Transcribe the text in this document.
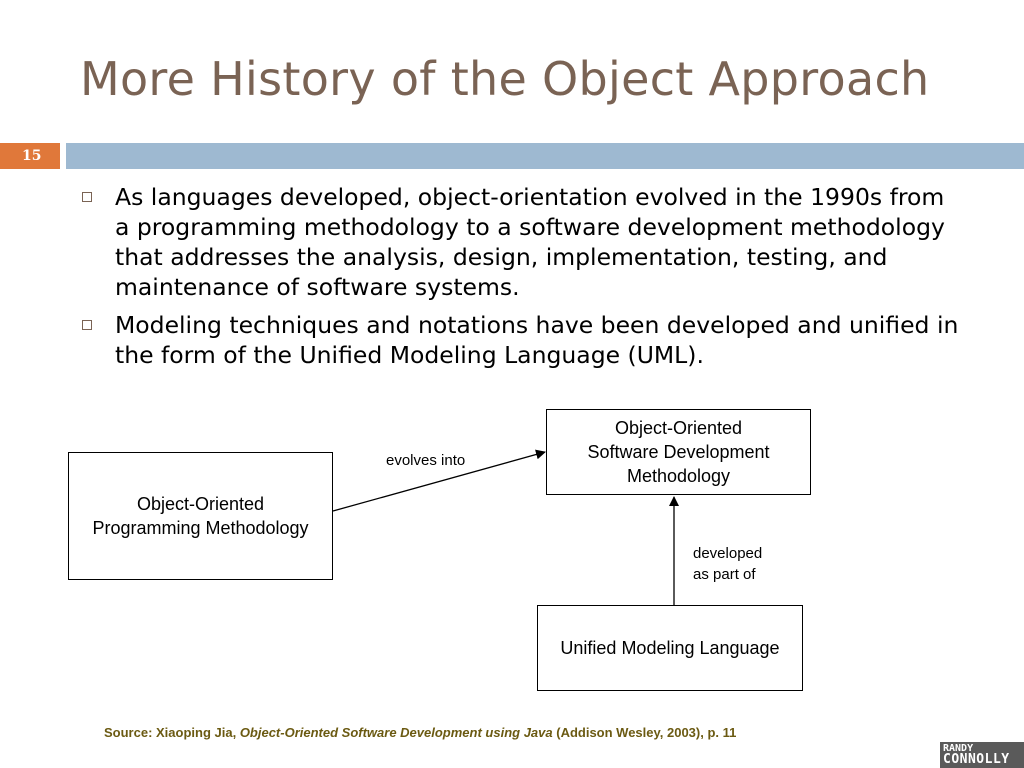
More History of the Object Approach
15
As languages developed, object-orientation evolved in the 1990s from a programming methodology to a software development methodology that addresses the analysis, design, implementation, testing, and maintenance of software systems.
Modeling techniques and notations have been developed and unified in the form of the Unified Modeling Language (UML).
Object-Oriented
Programming Methodology
Object-Oriented
Software Development
Methodology
Unified Modeling Language
evolves into
developed
as part of
Source: Xiaoping Jia, Object-Oriented Software Development using Java (Addison Wesley, 2003), p. 11
RANDY
CONNOLLY
